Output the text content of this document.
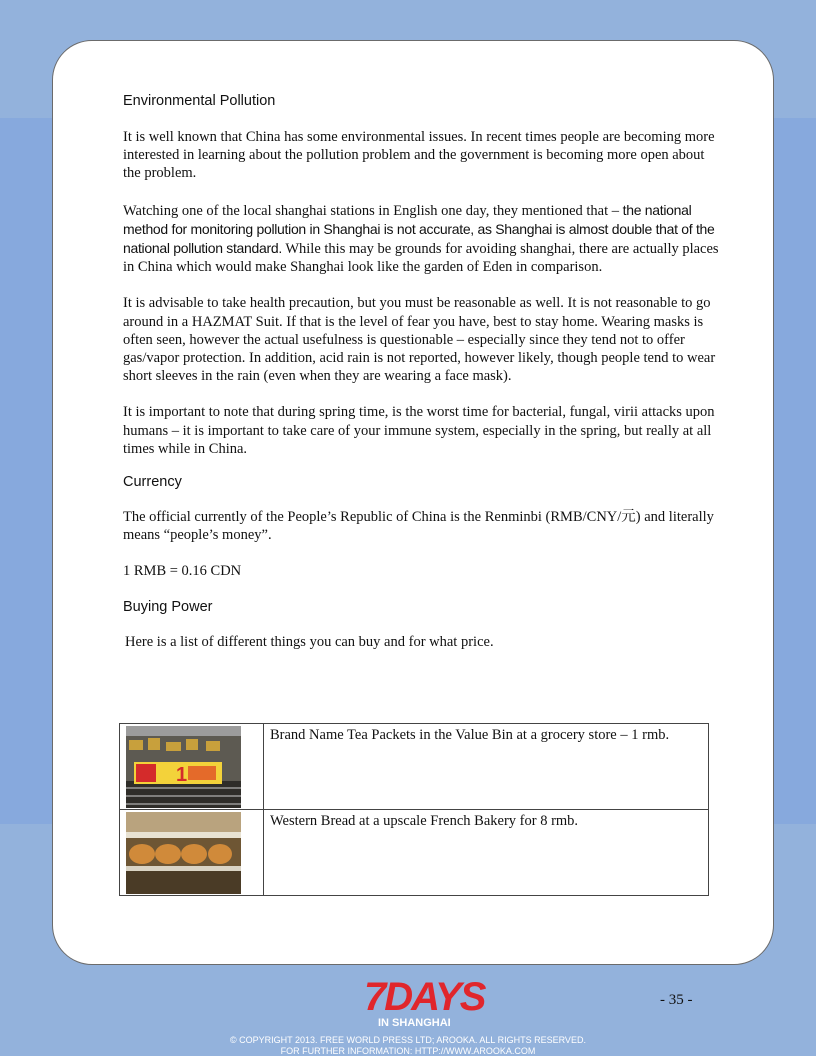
Environmental Pollution

It is well known that China has some environmental issues. In recent times people are becoming more interested in learning about the pollution problem and the government is becoming more open about the problem.

Watching one of the local shanghai stations in English one day, they mentioned that – the national method for monitoring pollution in Shanghai is not accurate, as Shanghai is almost double that of the national pollution standard. While this may be grounds for avoiding shanghai, there are actually places in China which would make Shanghai look like the garden of Eden in comparison.

It is advisable to take health precaution, but you must be reasonable as well. It is not reasonable to go around in a HAZMAT Suit. If that is the level of fear you have, best to stay home. Wearing masks is often seen, however the actual usefulness is questionable – especially since they tend not to offer gas/vapor protection. In addition, acid rain is not reported, however likely, though people tend to wear short sleeves in the rain (even when they are wearing a face mask).

It is important to note that during spring time, is the worst time for bacterial, fungal, virii attacks upon humans – it is important to take care of your immune system, especially in the spring, but really at all times while in China.

Currency

The official currently of the People’s Republic of China is the Renminbi (RMB/CNY/元) and literally means “people’s money”.

1 RMB = 0.16 CDN

Buying Power

Here is a list of different things you can buy and for what price.

1	Brand Name Tea Packets in the Value Bin at a grocery store – 1 rmb.

	Western Bread at a upscale French Bakery for 8 rmb.
7DAYS
IN SHANGHAI
- 35 -
© COPYRIGHT 2013. FREE WORLD PRESS LTD; AROOKA. ALL RIGHTS RESERVED.
FOR FURTHER INFORMATION: HTTP://WWW.AROOKA.COM
